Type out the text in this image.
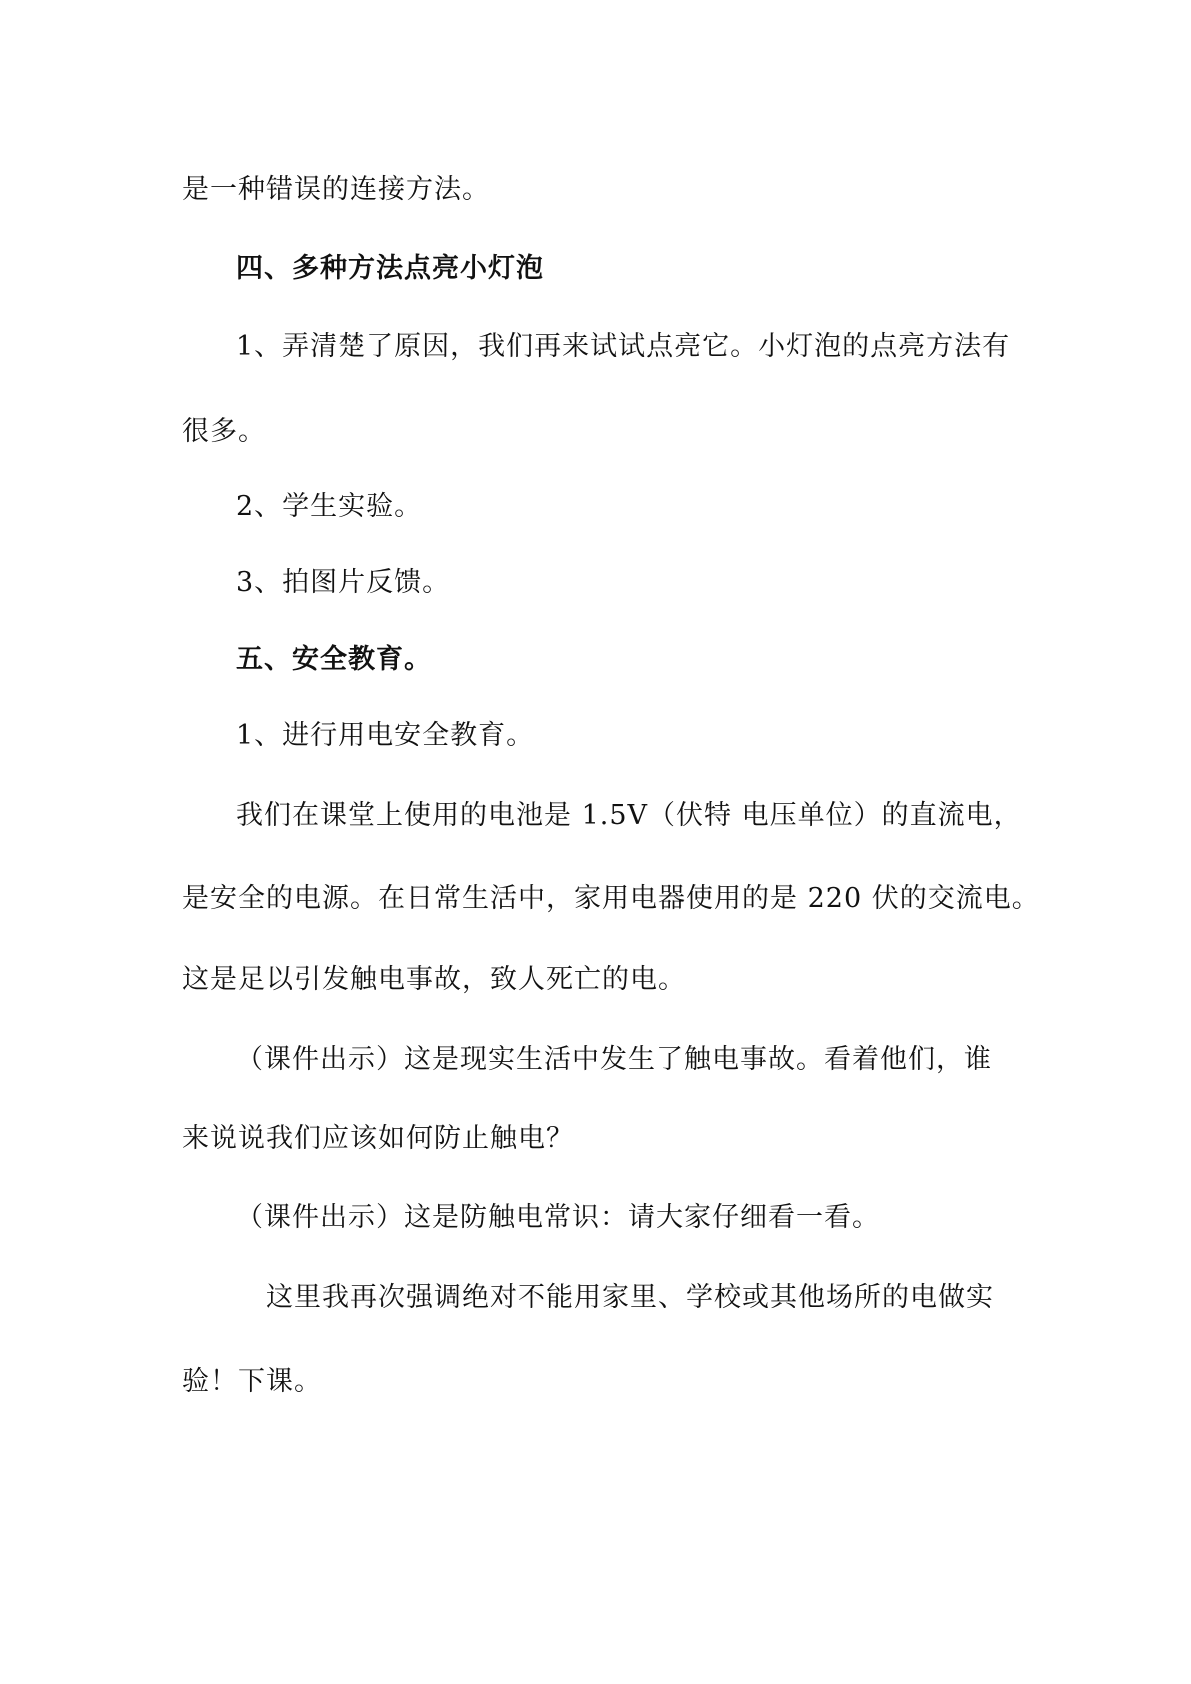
是一种错误的连接方法。
四、多种方法点亮小灯泡
1、弄清楚了原因，我们再来试试点亮它。小灯泡的点亮方法有
很多。
2、学生实验。
3、拍图片反馈。
五、安全教育。
1、进行用电安全教育。
我们在课堂上使用的电池是 1.5V（伏特 电压单位）的直流电，
是安全的电源。在日常生活中，家用电器使用的是 220 伏的交流电。
这是足以引发触电事故，致人死亡的电。
（课件出示）这是现实生活中发生了触电事故。看着他们，谁
来说说我们应该如何防止触电？
（课件出示）这是防触电常识：请大家仔细看一看。
这里我再次强调绝对不能用家里、学校或其他场所的电做实
验！下课。
